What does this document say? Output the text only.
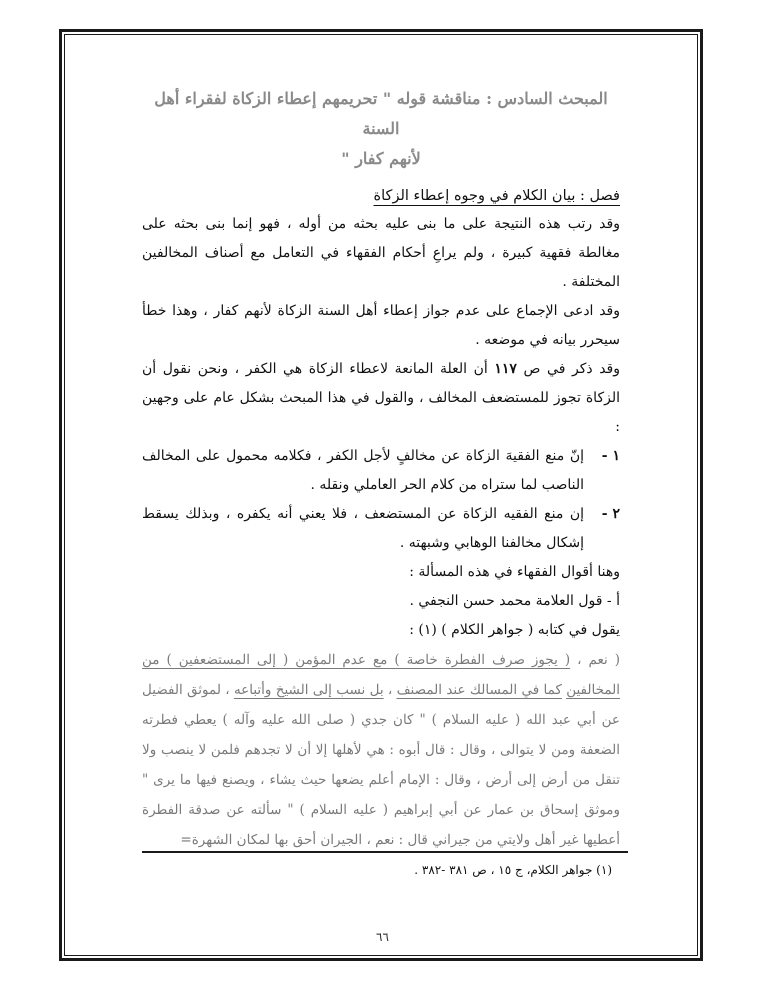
المبحث السادس : مناقشة قوله " تحريمهم إعطاء الزكاة لفقراء أهل السنة
لأنهم كفار "

فصل : بيان الكلام في وجوه إعطاء الزكاة

وقد رتب هذه النتيجة على ما بنى عليه بحثه من أوله ، فهو إنما بنى بحثه على مغالطة فقهية كبيرة ، ولم يراعِ أحكام الفقهاء في التعامل مع أصناف المخالفين المختلفة .

وقد ادعى الإجماع على عدم جواز إعطاء أهل السنة الزكاة لأنهم كفار ، وهذا خطأ سيحرر بيانه في موضعه .

وقد ذكر في ص ١١٧ أن العلة المانعة لاعطاء الزكاة هي الكفر ، ونحن نقول أن الزكاة تجوز للمستضعف المخالف ، والقول في هذا المبحث بشكل عام على وجهين :

١ -
إنّ منع الفقيهَ الزكاة عن مخالفٍ لأجل الكفر ، فكلامه محمول على المخالف الناصب لما ستراه من كلام الحر العاملي ونقله .
٢ -
إن منع الفقيه الزكاة عن المستضعف ، فلا يعني أنه يكفره ، وبذلك يسقط إشكال مخالفنا الوهابي وشبهته .

وهنا أقوال الفقهاء في هذه المسألة :

أ - قول العلامة محمد حسن النجفي .

يقول في كتابه ( جواهر الكلام ) (١) :

( نعم ، ( يجوز صرف الفطرة خاصة ) مع عدم المؤمن ( إلى المستضعفين ) من المخالفين كما في المسالك عند المصنف ، بل نسب إلى الشيخ وأتباعه ، لموثق الفضيل عن أبي عبد الله ( عليه السلام ) " كان جدي ( صلى الله عليه وآله ) يعطي فطرته الضعفة ومن لا يتوالى ، وقال : قال أبوه : هي لأهلها إلا أن لا تجدهم فلمن لا ينصب ولا تنقل من أرض إلى أرض ، وقال : الإمام أعلم يضعها حيث يشاء ، ويصنع فيها ما يرى " وموثق إسحاق بن عمار عن أبي إبراهيم ( عليه السلام ) " سألته عن صدقة الفطرة أعطيها غير أهل ولايتي من جيراني قال : نعم ، الجيران أحق بها لمكان الشهرة=

(١) جواهر الكلام، ج ١٥ ، ص ٣٨١ -٣٨٢ .
٦٦
